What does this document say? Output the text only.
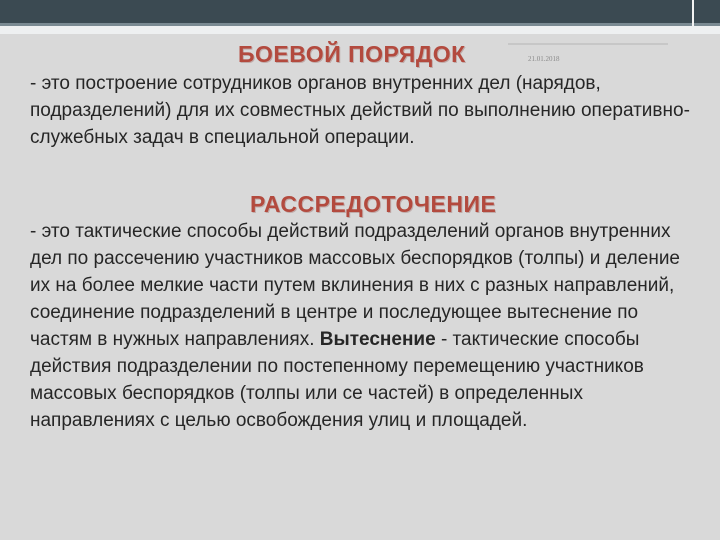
БОЕВОЙ ПОРЯДОК	21.01.2018

- это построение сотрудников органов внутренних дел (нарядов, подразделений) для их совместных действий по выполнению оперативно-служебных задач в специальной операции.

РАССРЕДОТОЧЕНИЕ

- это тактические способы действий подразделений органов внутренних дел по рассечению участников массовых беспорядков (толпы) и деление их на более мелкие части путем вклинения в них с разных направлений, соединение подразделений в центре и последующее вытеснение по частям в нужных направлениях. Вытеснение - тактические способы действия подразделении по постепенному перемещению участников массовых беспорядков (толпы или се частей) в определенных направлениях с целью освобождения улиц и площадей.
